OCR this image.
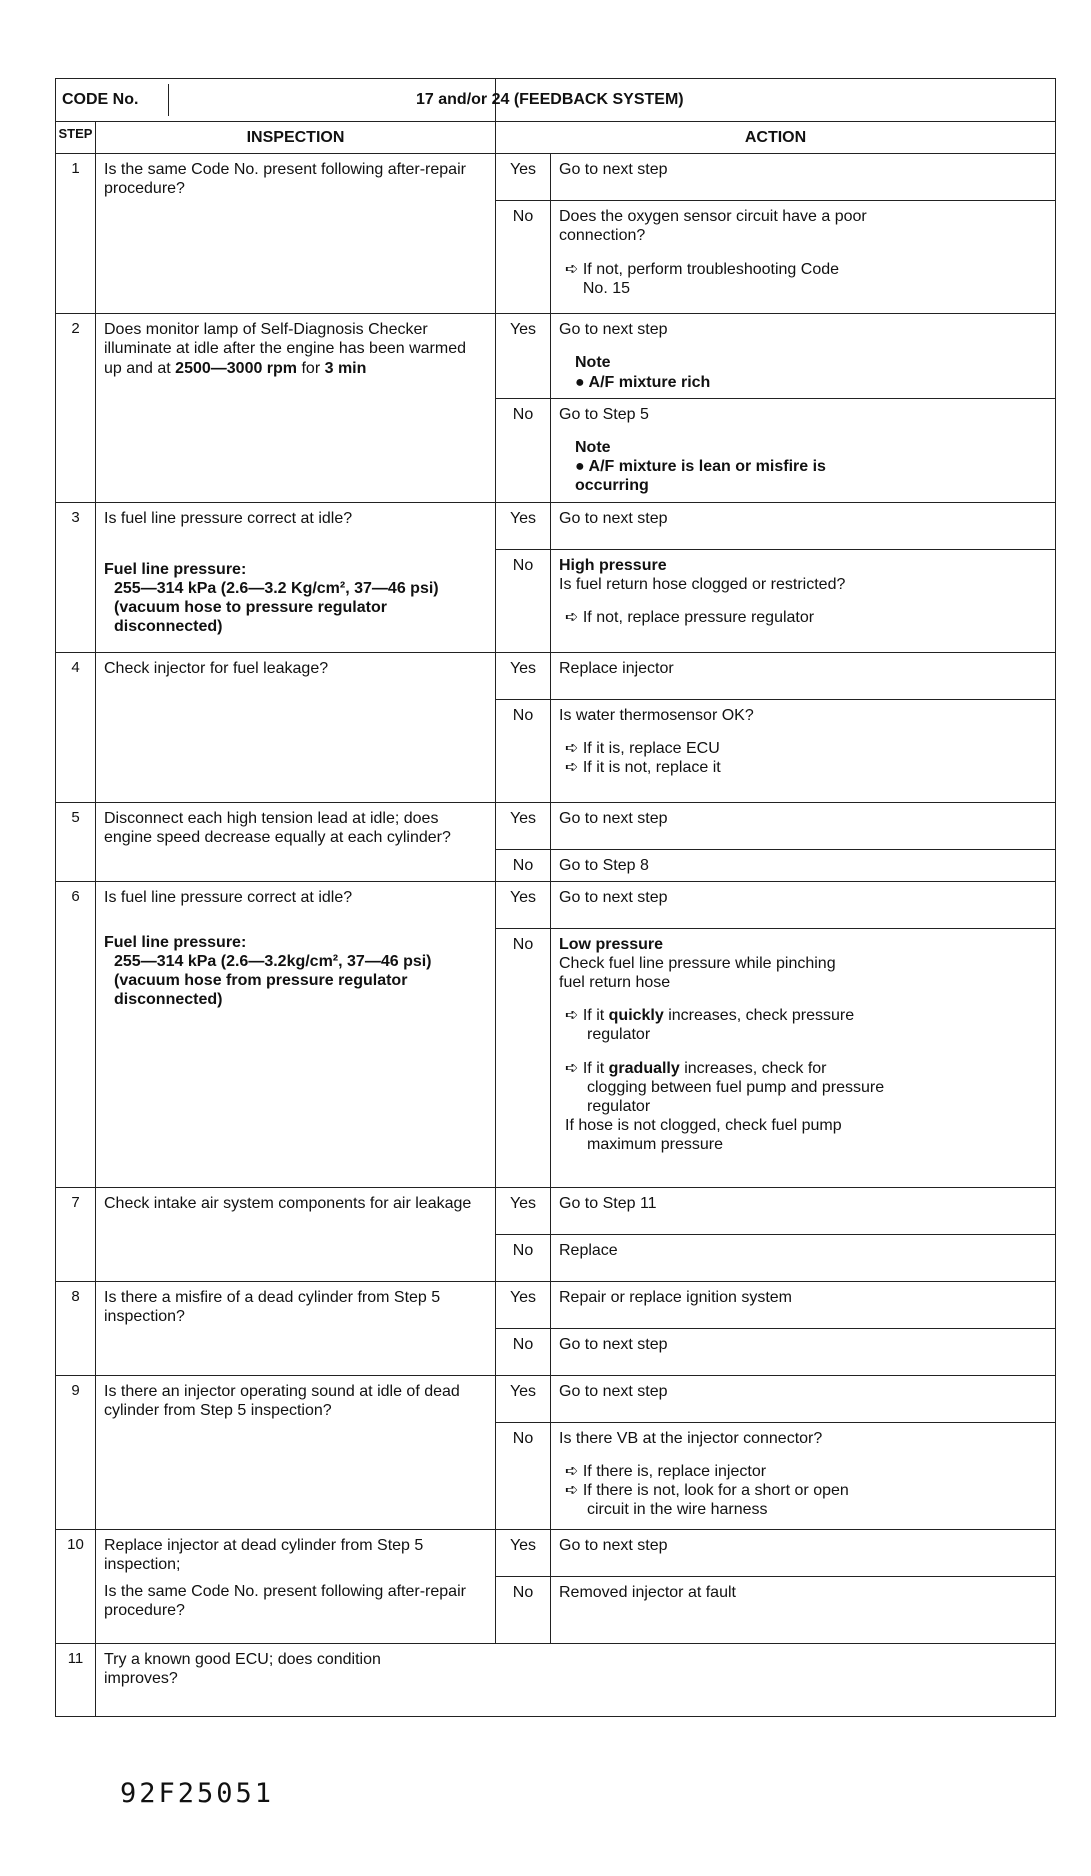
CODE No.	17 and/or 24 (FEEDBACK SYSTEM)
STEP	INSPECTION	ACTION
1	Is the same Code No. present following after-repair procedure?	Yes	Go to next step
No	Does the oxygen sensor circuit have a poor connection?
➪ If not, perform troubleshooting Code No. 15

2	Does monitor lamp of Self-Diagnosis Checker illuminate at idle after the engine has been warmed up and at 2500—3000 rpm for 3 min	Yes	Go to next step
Note
● A/F mixture rich

No	Go to Step 5
Note
● A/F mixture is lean or misfire is occurring

3	Is fuel line pressure correct at idle?
Fuel line pressure:
255—314 kPa (2.6—3.2 Kg/cm², 37—46 psi) (vacuum hose to pressure regulator disconnected)	Yes	Go to next step
No	High pressure
Is fuel return hose clogged or restricted?
➪ If not, replace pressure regulator

4	Check injector for fuel leakage?	Yes	Replace injector
No	Is water thermosensor OK?
➪ If it is, replace ECU
➪ If it is not, replace it

5	Disconnect each high tension lead at idle; does engine speed decrease equally at each cylinder?	Yes	Go to next step
No	Go to Step 8
6	Is fuel line pressure correct at idle?
Fuel line pressure:
255—314 kPa (2.6—3.2kg/cm², 37—46 psi) (vacuum hose from pressure regulator disconnected)	Yes	Go to next step
No	Low pressure
Check fuel line pressure while pinching fuel return hose
➪ If it quickly increases, check pressure regulator
➪ If it gradually increases, check for clogging between fuel pump and pressure regulator
If hose is not clogged, check fuel pump maximum pressure

7	Check intake air system components for air leakage	Yes	Go to Step 11
No	Replace
8	Is there a misfire of a dead cylinder from Step 5 inspection?	Yes	Repair or replace ignition system
No	Go to next step
9	Is there an injector operating sound at idle of dead cylinder from Step 5 inspection?	Yes	Go to next step
No	Is there VB at the injector connector?
➪ If there is, replace injector
➪ If there is not, look for a short or open circuit in the wire harness

10	Replace injector at dead cylinder from Step 5 inspection;
Is the same Code No. present following after-repair procedure?	Yes	Go to next step
No	Removed injector at fault
11	Try a known good ECU; does condition improves?
92F25051
